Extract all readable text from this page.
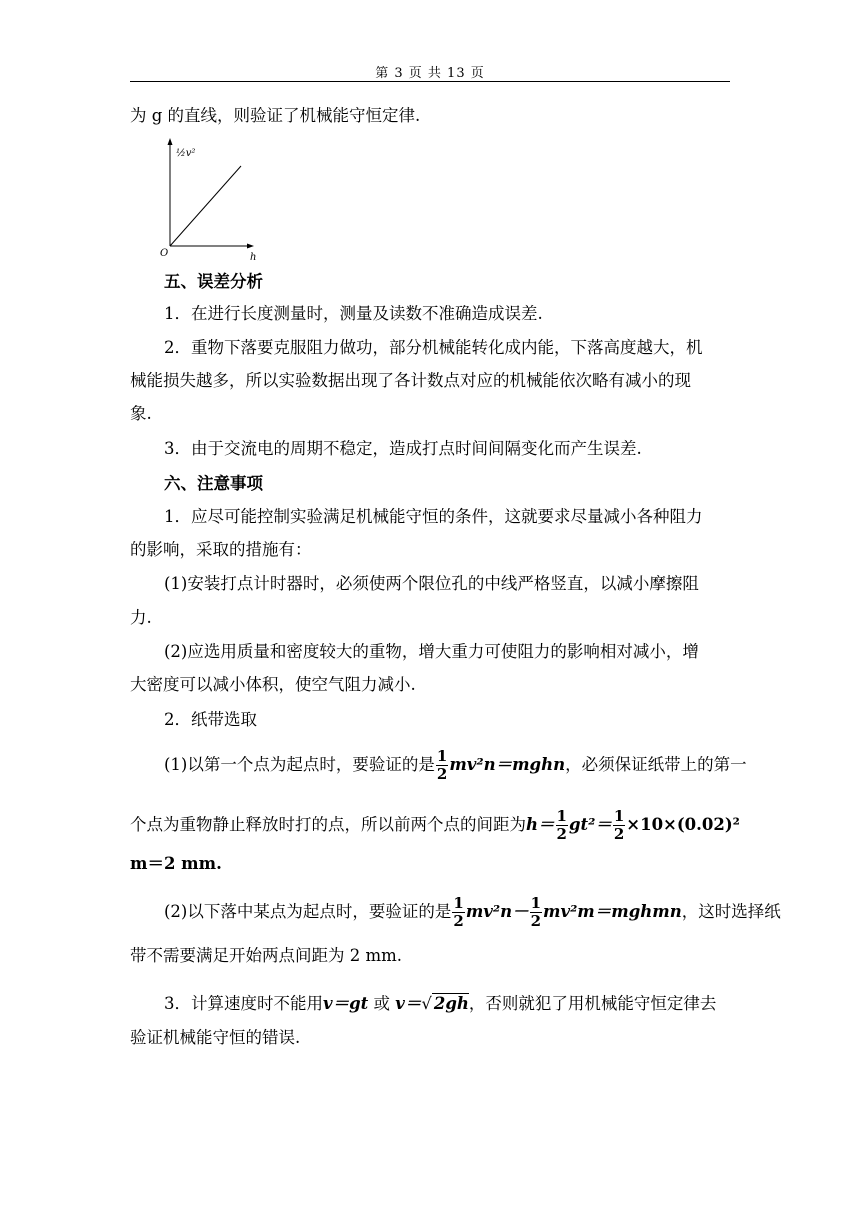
第 3 页 共 13 页
为 g 的直线，则验证了机械能守恒定律.
½v²
h
O
五、误差分析
1．在进行长度测量时，测量及读数不准确造成误差.
2．重物下落要克服阻力做功，部分机械能转化成内能，下落高度越大，机
械能损失越多，所以实验数据出现了各计数点对应的机械能依次略有减小的现
象.
3．由于交流电的周期不稳定，造成打点时间间隔变化而产生误差.
六、注意事项
1．应尽可能控制实验满足机械能守恒的条件，这就要求尽量减小各种阻力
的影响，采取的措施有：
(1)安装打点计时器时，必须使两个限位孔的中线严格竖直，以减小摩擦阻
力.
(2)应选用质量和密度较大的重物，增大重力可使阻力的影响相对减小，增
大密度可以减小体积，使空气阻力减小.
2．纸带选取
(1)以第一个点为起点时，要验证的是 $\frac{1}{2}$ mv²n＝mghn，必须保证纸带上的第一
个点为重物静止释放时打的点，所以前两个点的间距为$h= \frac{1}{2} gt^2= \frac{1}{2} \times 10\times(0.02)^2$
m＝2 mm.
(2)以下落中某点为起点时，要验证的是 $\frac{1}{2} mv^2n- \frac{1}{2}$ mv²m＝mghmn，这时选择纸
带不需要满足开始两点间距为 2 mm.
3．计算速度时不能用v＝gt 或 v＝√ 2gh，否则就犯了用机械能守恒定律去
验证机械能守恒的错误.
